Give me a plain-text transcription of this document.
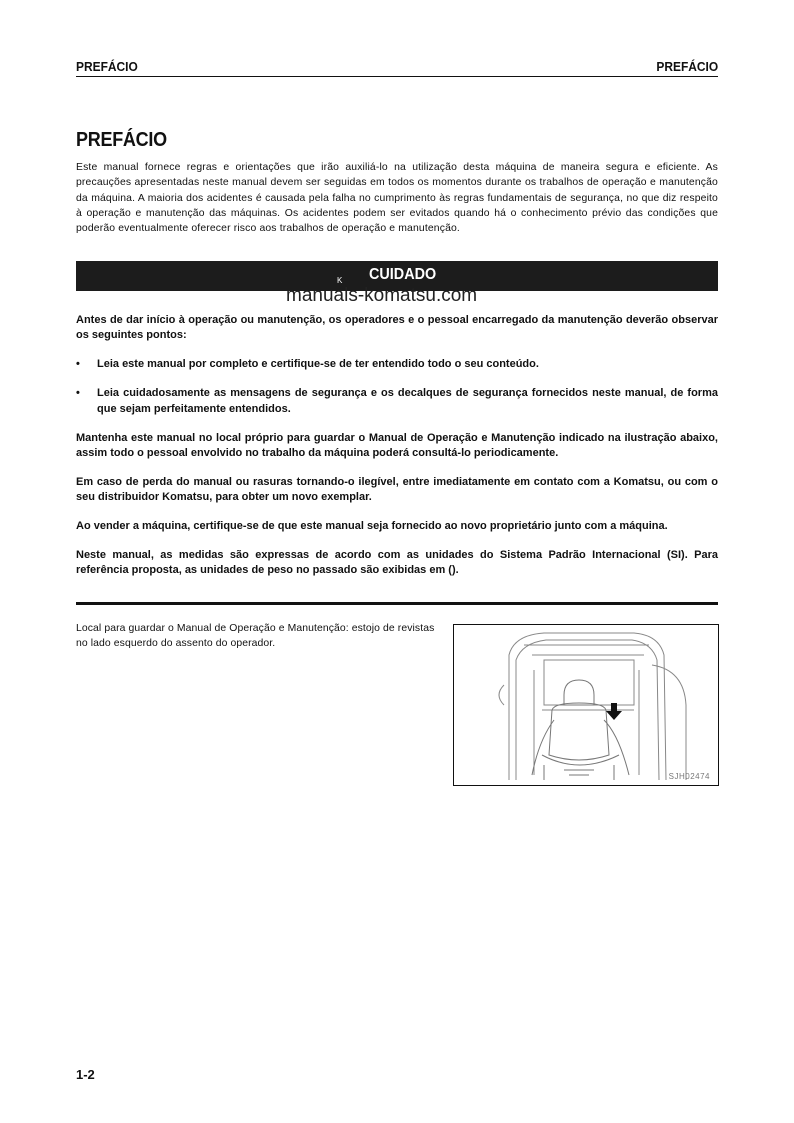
PREFÁCIO	PREFÁCIO
PREFÁCIO
Este manual fornece regras e orientações que irão auxiliá-lo na utilização desta máquina de maneira segura e eficiente. As precauções apresentadas neste manual devem ser seguidas em todos os momentos durante os trabalhos de operação e manutenção da máquina. A maioria dos acidentes é causada pela falha no cumprimento às regras fundamentais de segurança, no que diz respeito à operação e manutenção das máquinas. Os acidentes podem ser evitados quando há o conhecimento prévio das condições que poderão eventualmente oferecer risco aos trabalhos de operação e manutenção.
K CUIDADO
manuals-komatsu.com

Antes de dar início à operação ou manutenção, os operadores e o pessoal encarregado da manutenção deverão observar os seguintes pontos:

• Leia este manual por completo e certifique-se de ter entendido todo o seu conteúdo.
• Leia cuidadosamente as mensagens de segurança e os decalques de segurança fornecidos neste manual, de forma que sejam perfeitamente entendidos.

Mantenha este manual no local próprio para guardar o Manual de Operação e Manutenção indicado na ilustração abaixo, assim todo o pessoal envolvido no trabalho da máquina poderá consultá-lo periodicamente.

Em caso de perda do manual ou rasuras tornando-o ilegível, entre imediatamente em contato com a Komatsu, ou com o seu distribuidor Komatsu, para obter um novo exemplar.

Ao vender a máquina, certifique-se de que este manual seja fornecido ao novo proprietário junto com a máquina.

Neste manual, as medidas são expressas de acordo com as unidades do Sistema Padrão Internacional (SI). Para referência proposta, as unidades de peso no passado são exibidas em ().

Local para guardar o Manual de Operação e Manutenção: estojo de revistas no lado esquerdo do assento do operador.
SJH02474
1-2
